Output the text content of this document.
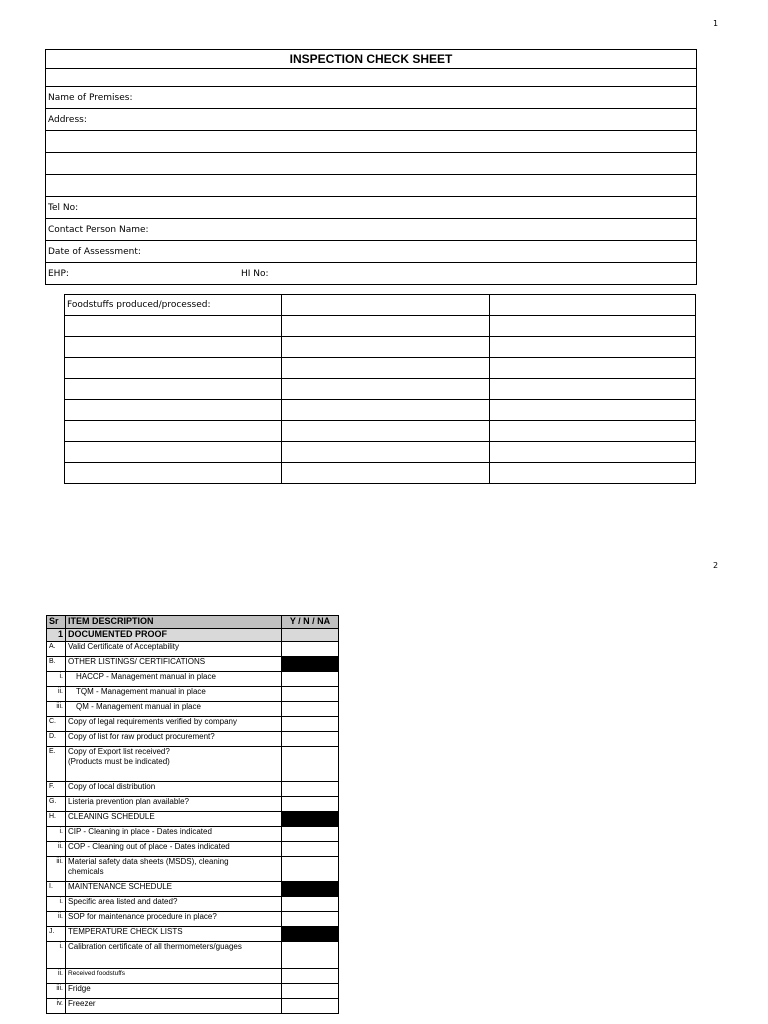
1
INSPECTION CHECK SHEET
Name of Premises:
Address:
Tel No:
Contact Person Name:
Date of Assessment:
EHP:	HI No:
Foodstuffs produced/processed:		

2
Sr	ITEM DESCRIPTION	Y / N / NA
1	DOCUMENTED PROOF	
A.	Valid Certificate of Acceptability	
B.	OTHER LISTINGS/ CERTIFICATIONS	
i.	HACCP - Management manual in place	
ii.	TQM - Management manual in place	
iii.	QM - Management manual in place	
C.	Copy of legal requirements verified by company	
D.	Copy of list for raw product procurement?	
E.	Copy of Export list received?
(Products must be indicated)	

F.	Copy of local distribution	
G.	Listeria prevention plan available?	
H.	CLEANING SCHEDULE	
i.	CIP - Cleaning in place - Dates indicated	
ii.	COP - Cleaning out of place - Dates indicated	
iii.	Material safety data sheets (MSDS), cleaning
chemicals	

I.	MAINTENANCE SCHEDULE	
i.	Specific area listed and dated?	
ii.	SOP for maintenance procedure in place?	
J.	TEMPERATURE CHECK LISTS	
i.	Calibration certificate of all thermometers/guages	
ii.	Received foodstuffs	
iii.	Fridge	
iv.	Freezer	
